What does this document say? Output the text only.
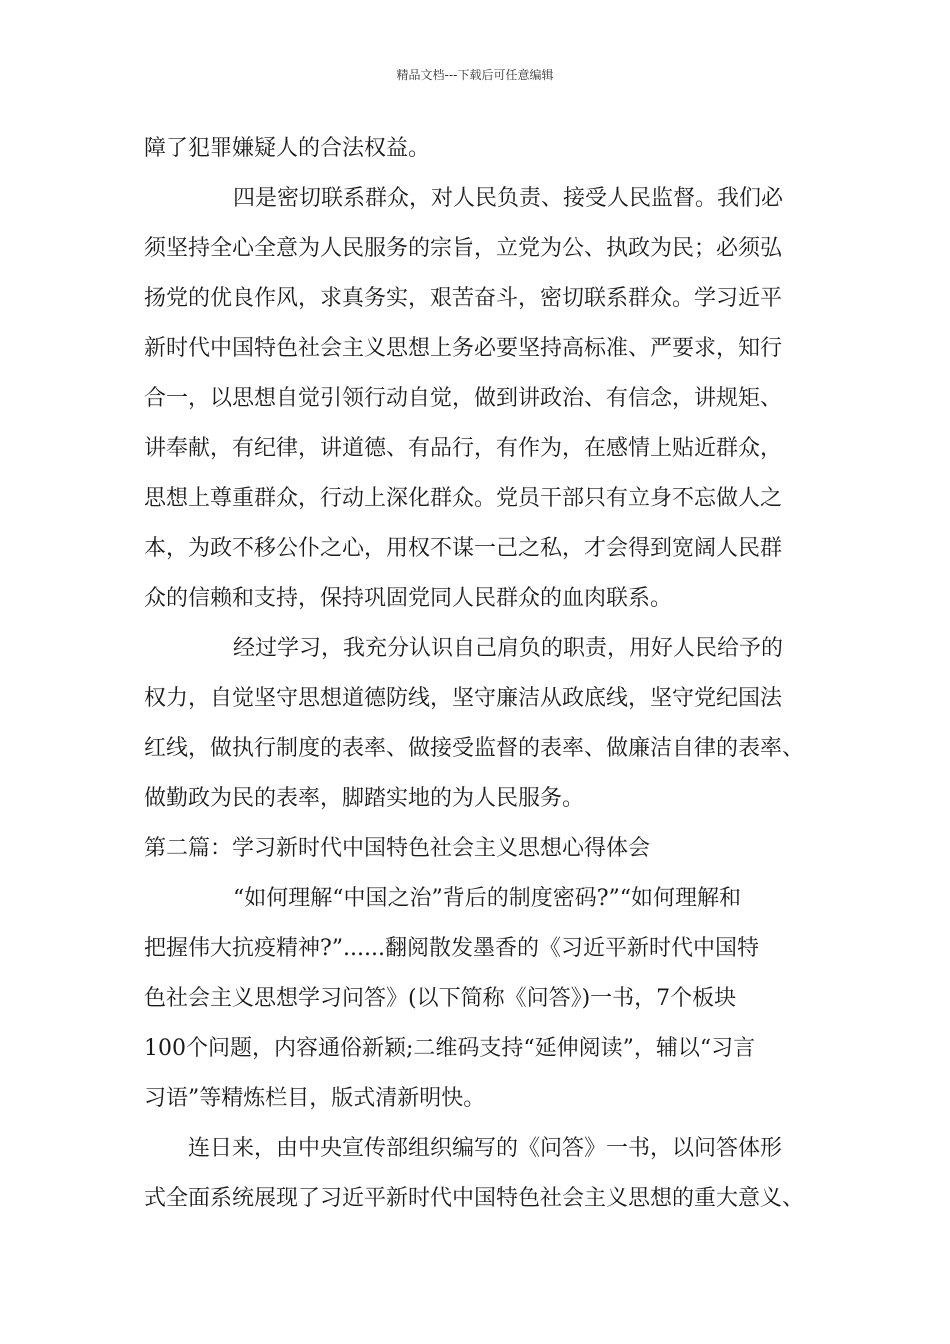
精品文档---下载后可任意编辑
障了犯罪嫌疑人的合法权益。
四是密切联系群众，对人民负责、接受人民监督。我们必
须坚持全心全意为人民服务的宗旨，立党为公、执政为民；必须弘
扬党的优良作风，求真务实，艰苦奋斗，密切联系群众。学习近平
新时代中国特色社会主义思想上务必要坚持高标准、严要求，知行
合一，以思想自觉引领行动自觉，做到讲政治、有信念，讲规矩、
讲奉献，有纪律，讲道德、有品行，有作为，在感情上贴近群众，
思想上尊重群众，行动上深化群众。党员干部只有立身不忘做人之
本，为政不移公仆之心，用权不谋一己之私，才会得到宽阔人民群
众的信赖和支持，保持巩固党同人民群众的血肉联系。
经过学习，我充分认识自己肩负的职责，用好人民给予的
权力，自觉坚守思想道德防线，坚守廉洁从政底线，坚守党纪国法
红线，做执行制度的表率、做接受监督的表率、做廉洁自律的表率、
做勤政为民的表率，脚踏实地的为人民服务。
第二篇：学习新时代中国特色社会主义思想心得体会
“如何理解“中国之治”背后的制度密码?”“如何理解和
把握伟大抗疫精神?”......翻阅散发墨香的《习近平新时代中国特
色社会主义思想学习问答》(以下简称《问答》)一书，7个板块
100个问题，内容通俗新颖;二维码支持“延伸阅读”，辅以“习言
习语”等精炼栏目，版式清新明快。
连日来，由中央宣传部组织编写的《问答》一书，以问答体形
式全面系统展现了习近平新时代中国特色社会主义思想的重大意义、
